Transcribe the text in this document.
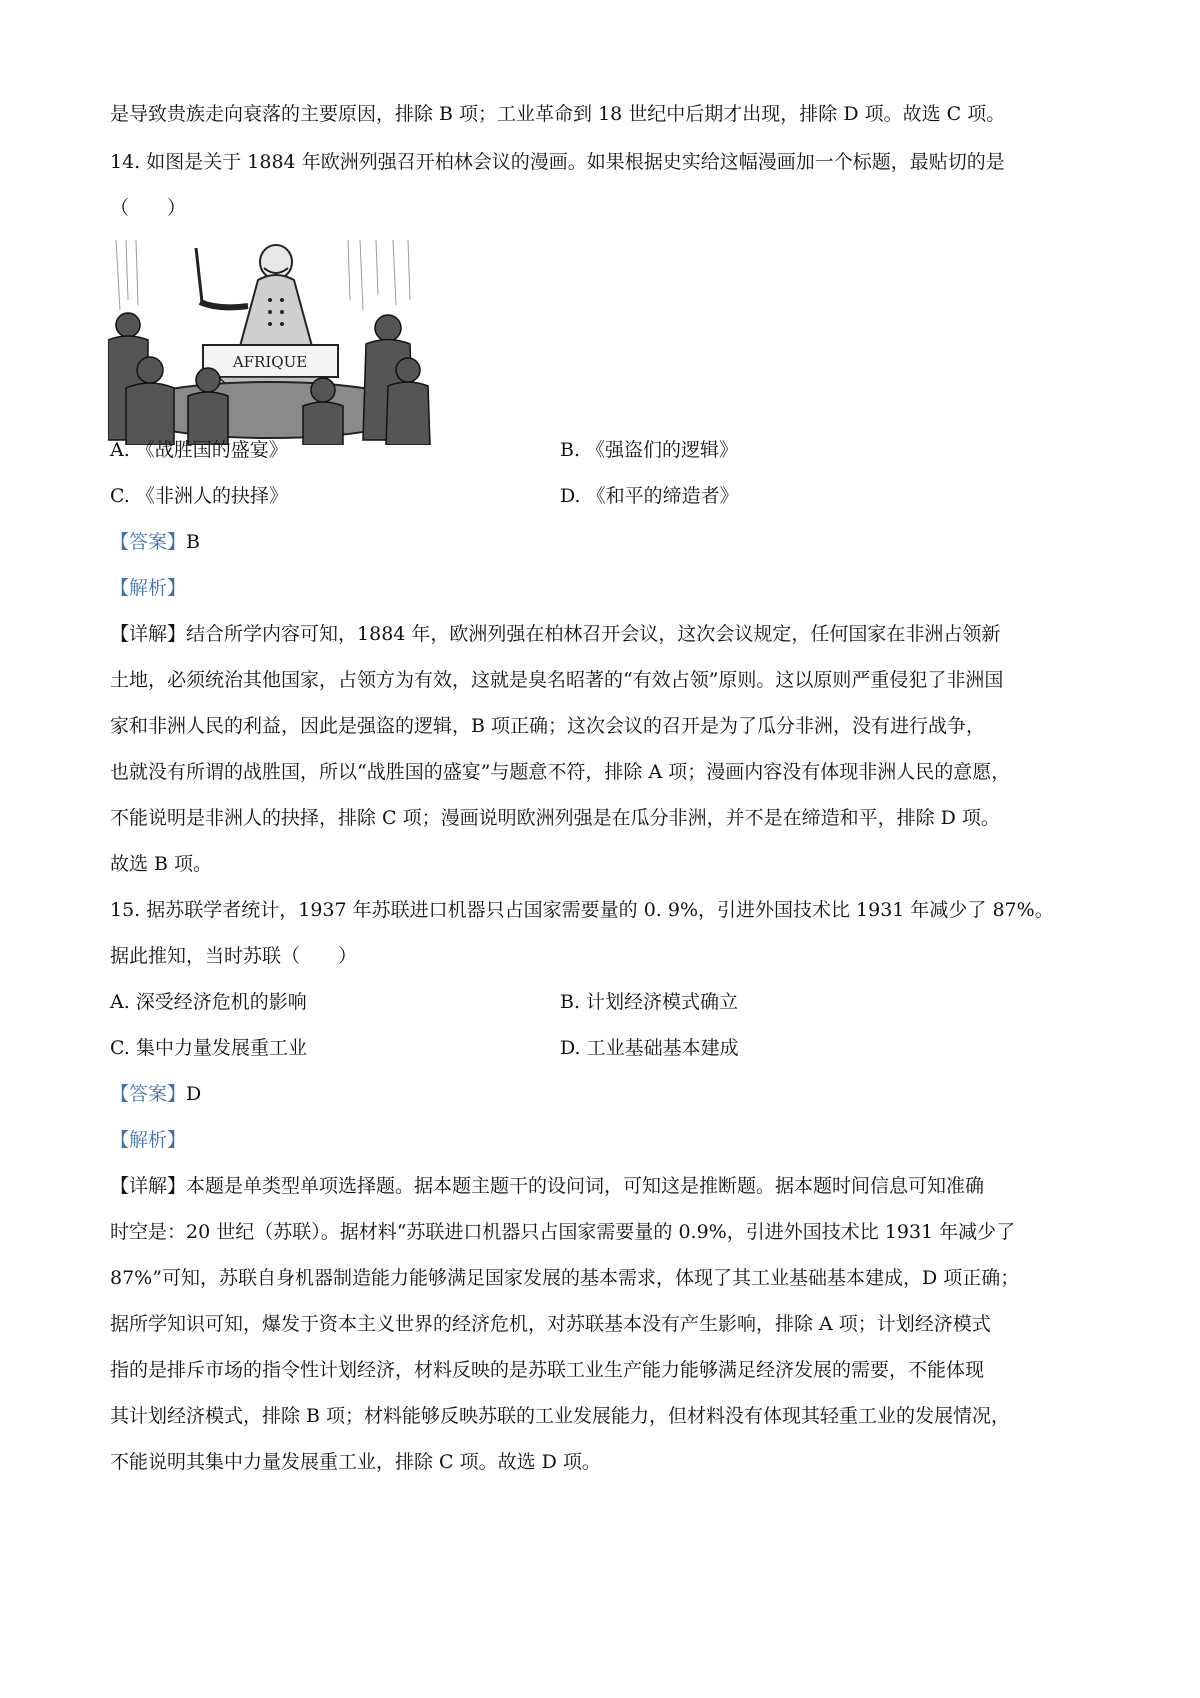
是导致贵族走向衰落的主要原因，排除 B 项；工业革命到 18 世纪中后期才出现，排除 D 项。故选 C 项。
14. 如图是关于 1884 年欧洲列强召开柏林会议的漫画。如果根据史实给这幅漫画加一个标题，最贴切的是
（　　）
AFRIQUE
A. 《战胜国的盛宴》	B. 《强盗们的逻辑》
C. 《非洲人的抉择》	D. 《和平的缔造者》
【答案】B
【解析】
【详解】结合所学内容可知，1884 年，欧洲列强在柏林召开会议，这次会议规定，任何国家在非洲占领新
土地，必须统治其他国家，占领方为有效，这就是臭名昭著的“有效占领”原则。这以原则严重侵犯了非洲国
家和非洲人民的利益，因此是强盗的逻辑，B 项正确；这次会议的召开是为了瓜分非洲，没有进行战争，
也就没有所谓的战胜国，所以“战胜国的盛宴”与题意不符，排除 A 项；漫画内容没有体现非洲人民的意愿，
不能说明是非洲人的抉择，排除 C 项；漫画说明欧洲列强是在瓜分非洲，并不是在缔造和平，排除 D 项。
故选 B 项。
15. 据苏联学者统计，1937 年苏联进口机器只占国家需要量的 0. 9%，引进外国技术比 1931 年减少了 87%。
据此推知，当时苏联（　　）
A. 深受经济危机的影响	B. 计划经济模式确立
C. 集中力量发展重工业	D. 工业基础基本建成
【答案】D
【解析】
【详解】本题是单类型单项选择题。据本题主题干的设问词，可知这是推断题。据本题时间信息可知准确
时空是：20 世纪（苏联）。据材料“苏联进口机器只占国家需要量的 0.9%，引进外国技术比 1931 年减少了
87%”可知，苏联自身机器制造能力能够满足国家发展的基本需求，体现了其工业基础基本建成，D 项正确；
据所学知识可知，爆发于资本主义世界的经济危机，对苏联基本没有产生影响，排除 A 项；计划经济模式
指的是排斥市场的指令性计划经济，材料反映的是苏联工业生产能力能够满足经济发展的需要，不能体现
其计划经济模式，排除 B 项；材料能够反映苏联的工业发展能力，但材料没有体现其轻重工业的发展情况，
不能说明其集中力量发展重工业，排除 C 项。故选 D 项。
